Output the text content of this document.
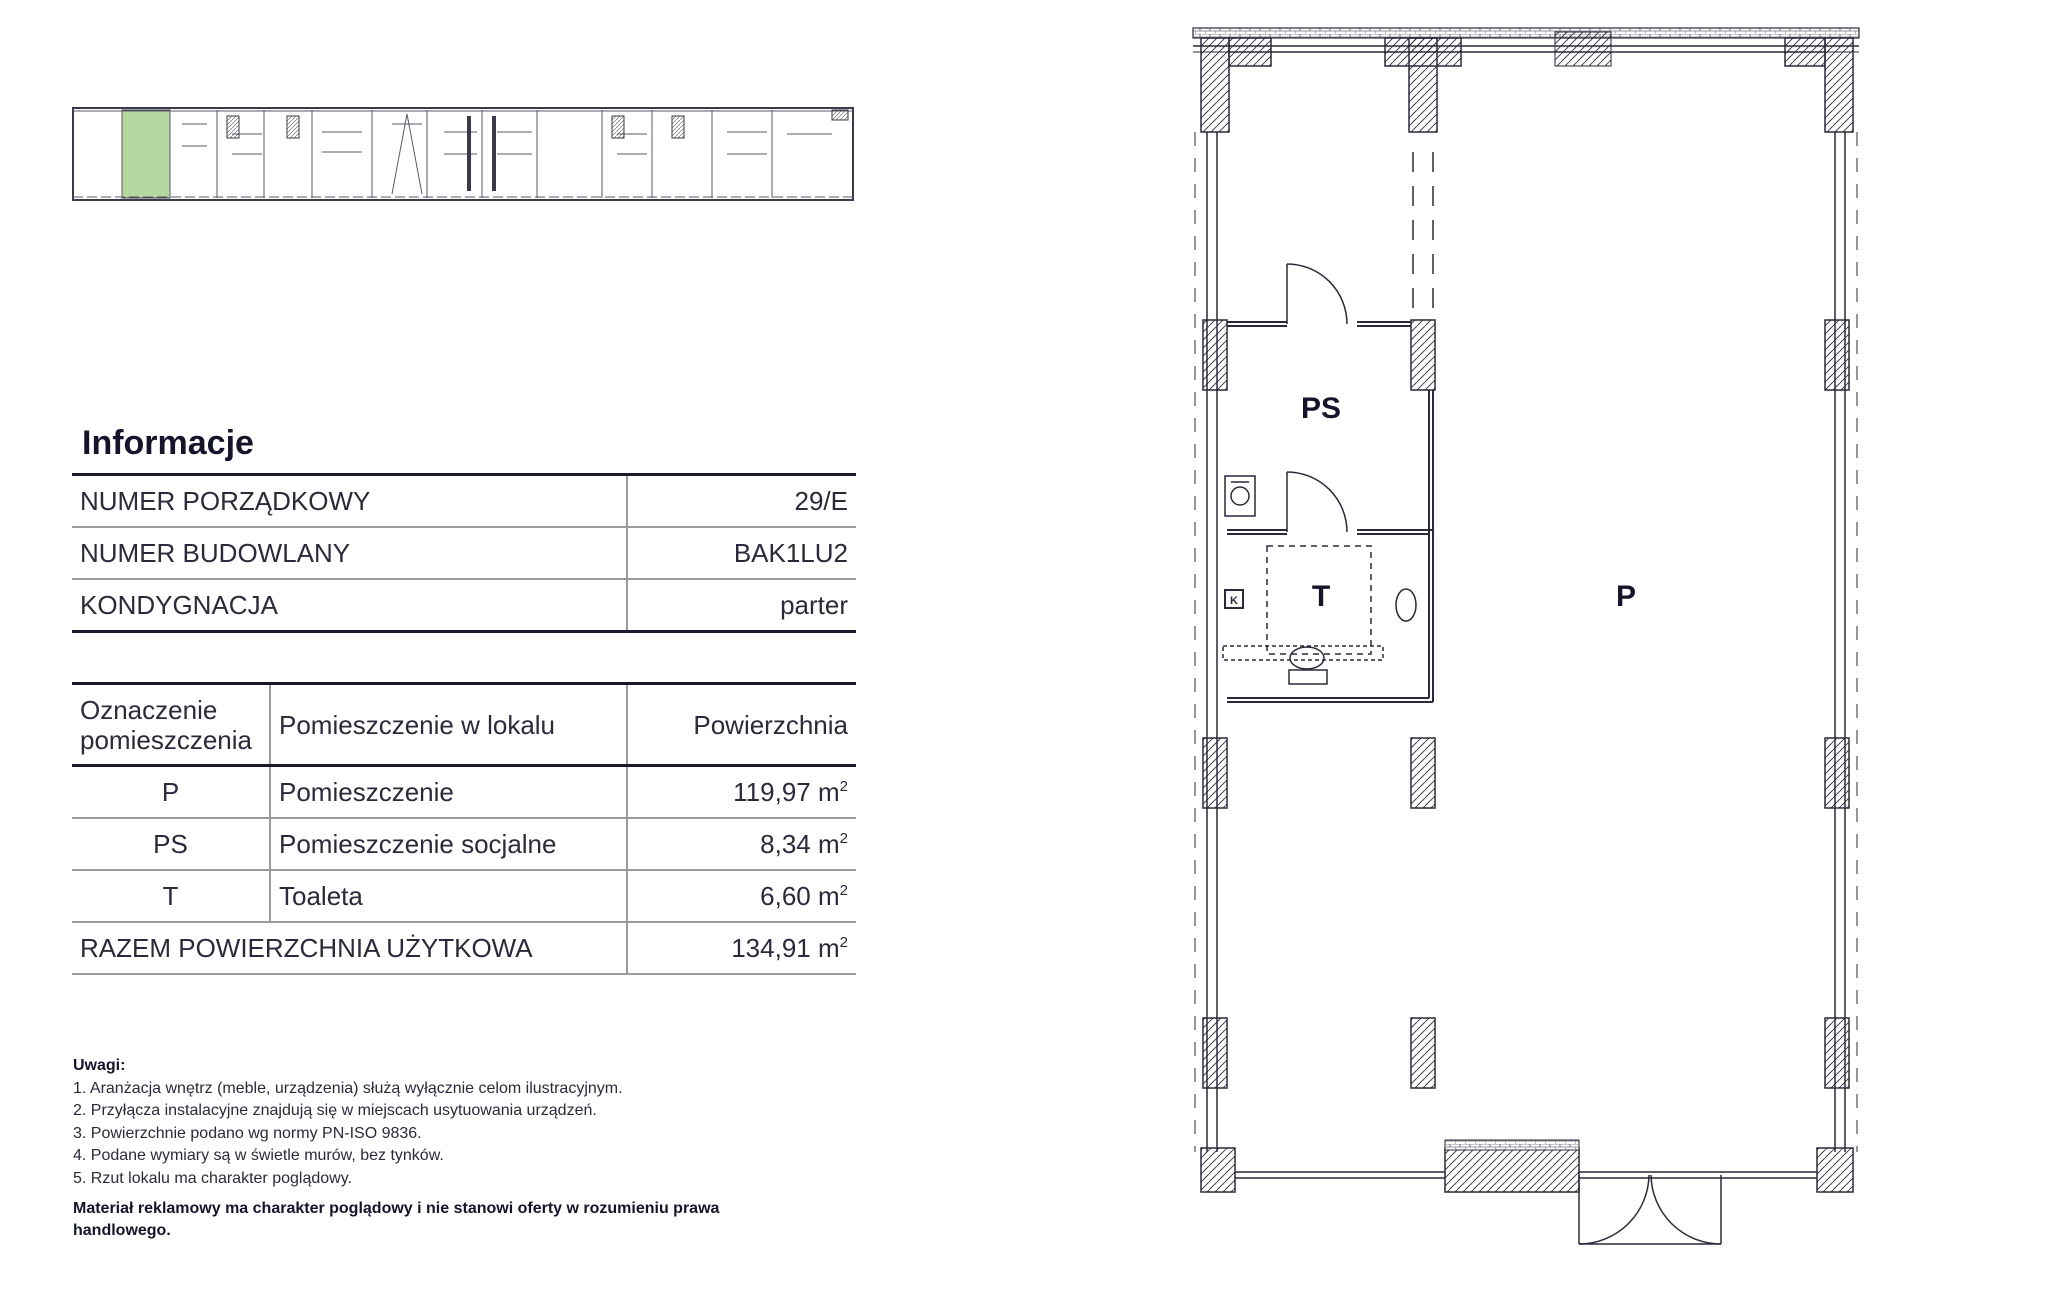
Informacje
NUMER PORZĄDKOWY	29/E
NUMER BUDOWLANY	BAK1LU2
KONDYGNACJA	parter
Oznaczenie
pomieszczenia	Pomieszczenie w lokalu	Powierzchnia
P	Pomieszczenie	119,97 $m^2$
PS	Pomieszczenie socjalne	8,34 $m^2$
T	Toaleta	6,60 $m^2$
RAZEM POWIERZCHNIA UŻYTKOWA		134,91 $m^2$
Uwagi:
1. Aranżacja wnętrz (meble, urządzenia) służą wyłącznie celom ilustracyjnym.
2. Przyłącza instalacyjne znajdują się w miejscach usytuowania urządzeń.
3. Powierzchnie podano wg normy PN-ISO 9836.
4. Podane wymiary są w świetle murów, bez tynków.
5. Rzut lokalu ma charakter poglądowy.
Materiał reklamowy ma charakter poglądowy i nie stanowi oferty w rozumieniu prawa handlowego.
K
PS
T	P
